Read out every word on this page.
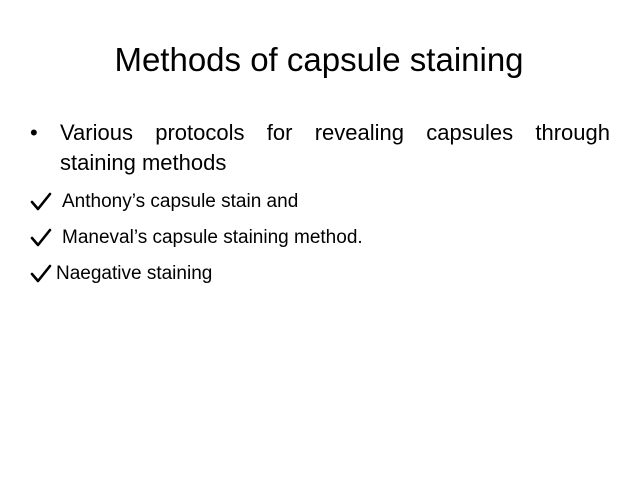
Methods of capsule staining
•	Various protocols for revealing capsules through staining methods
Anthony’s capsule stain and
Maneval’s capsule staining method.
Naegative staining
